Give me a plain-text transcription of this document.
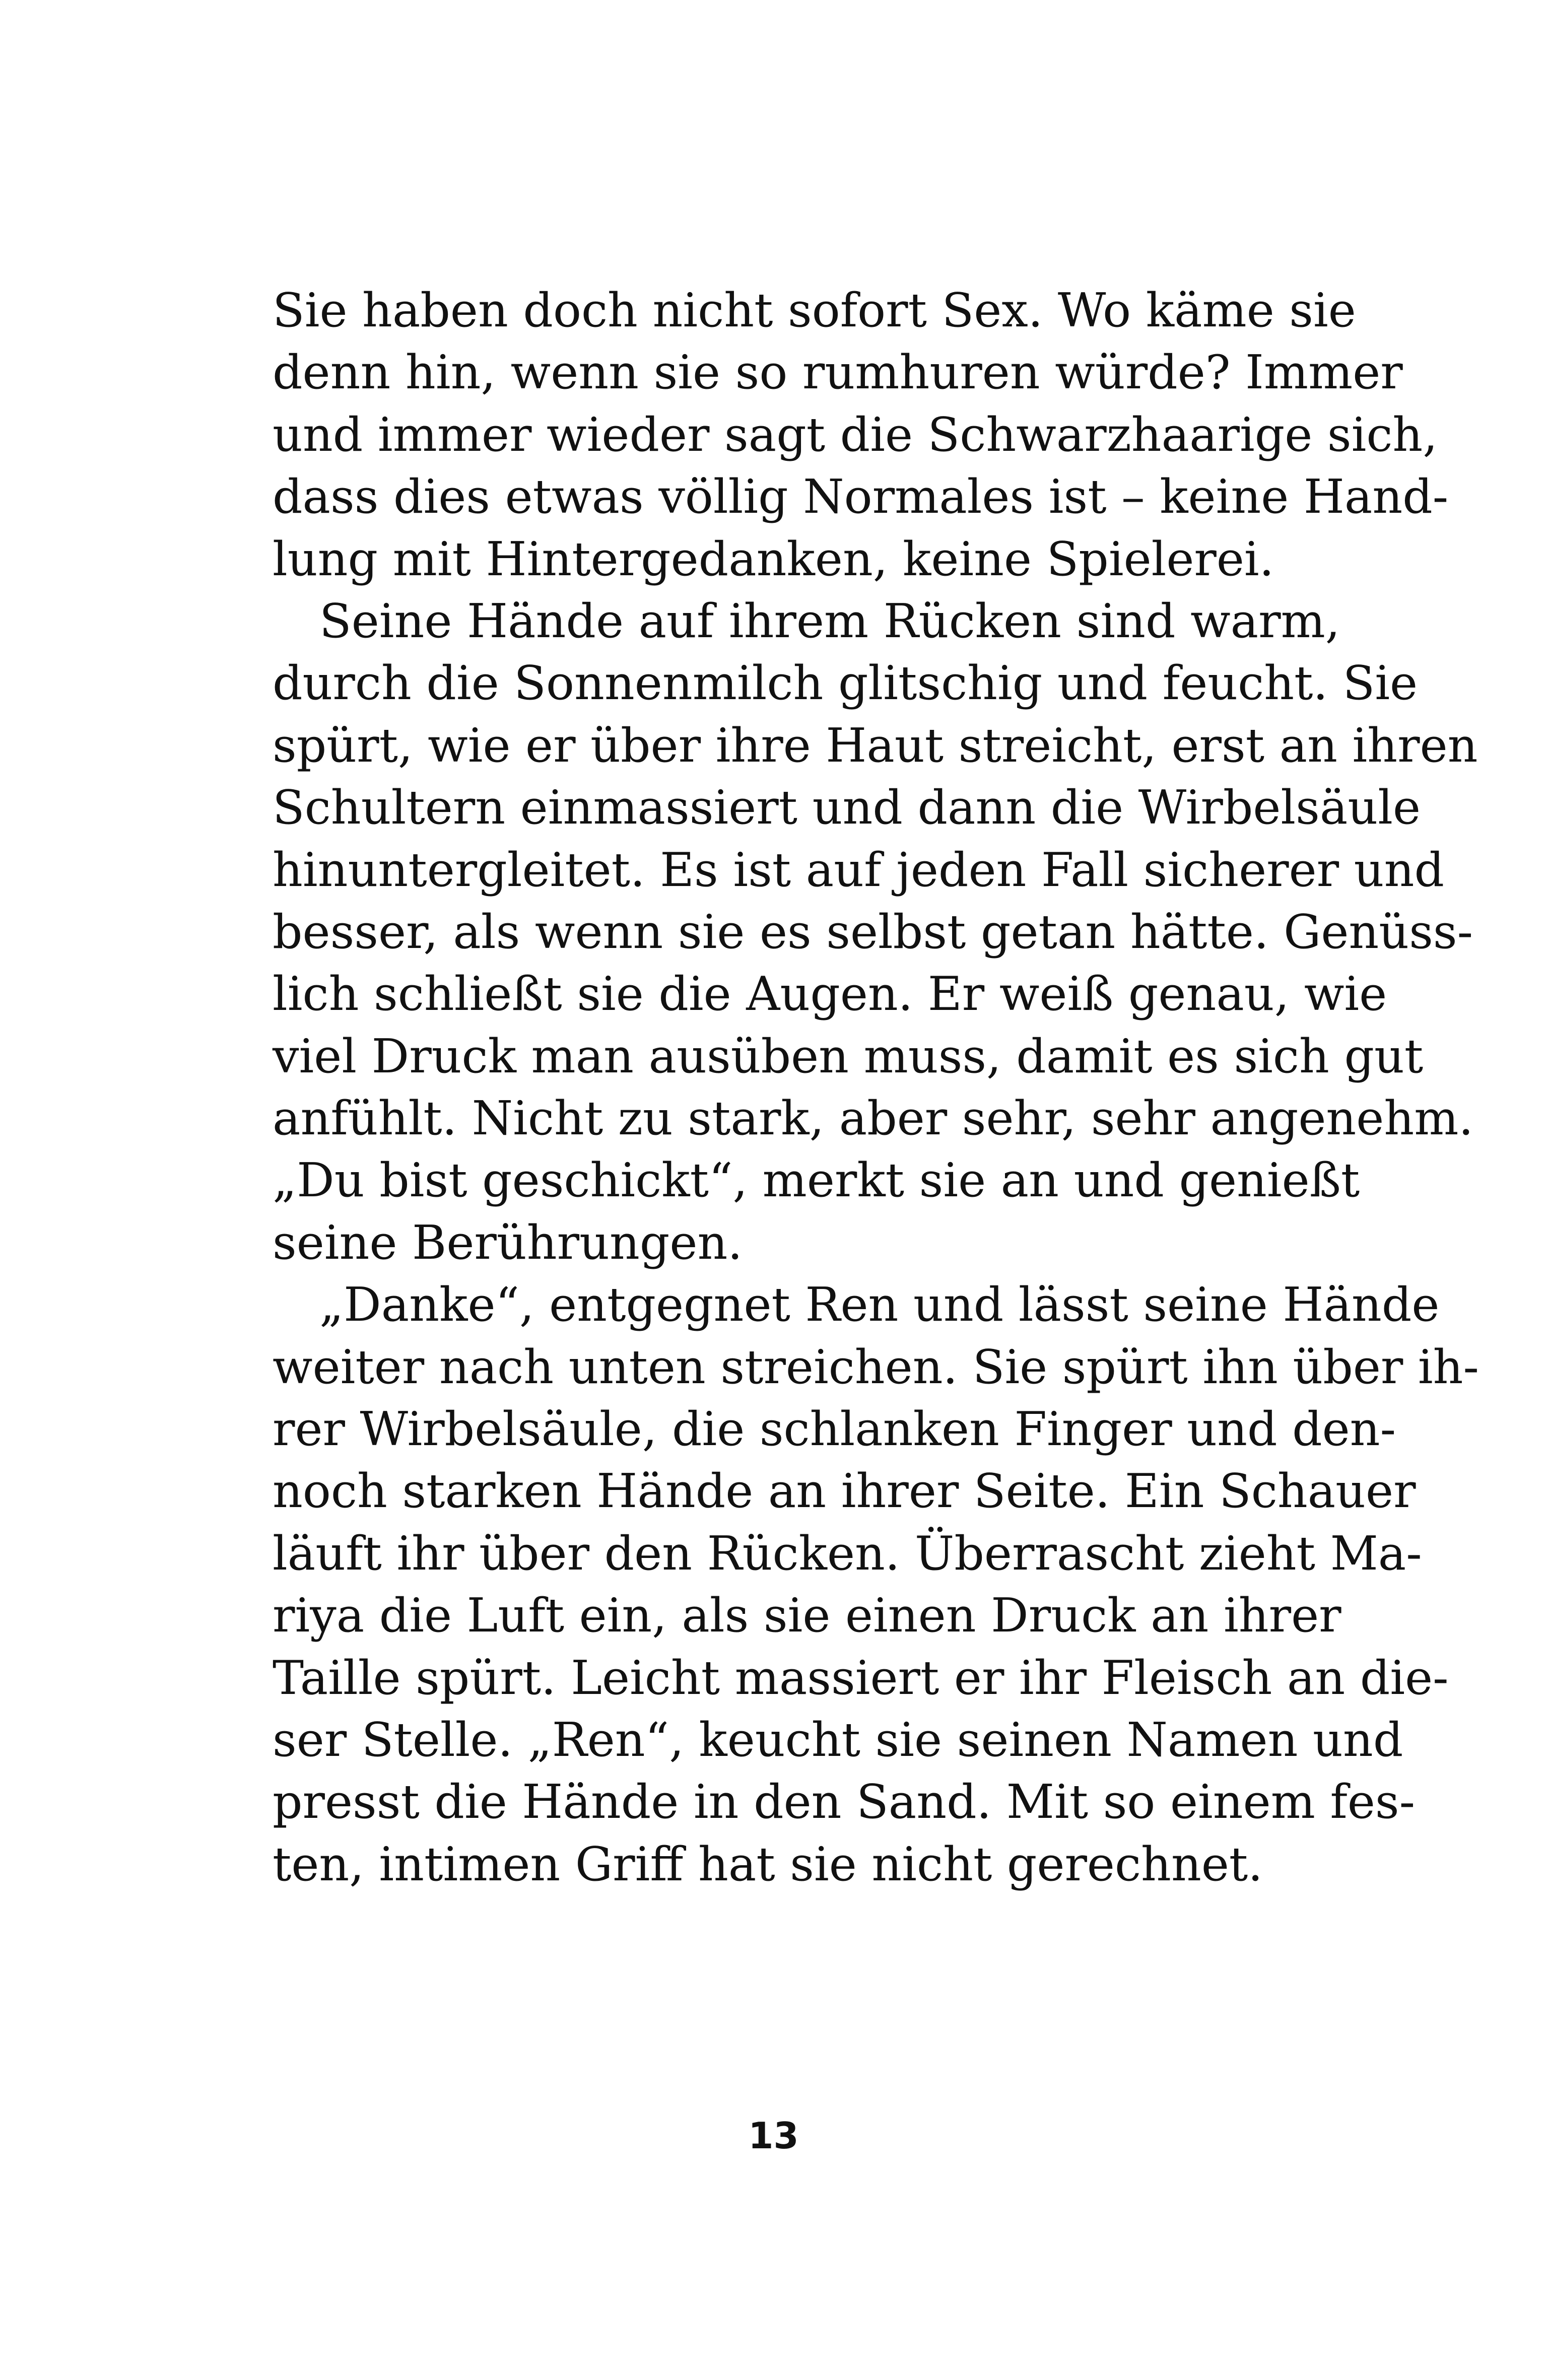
Sie haben doch nicht sofort Sex. Wo käme sie
denn hin, wenn sie so rumhuren würde? Immer
und immer wieder sagt die Schwarzhaarige sich,
dass dies etwas völlig Normales ist – keine Hand-
lung mit Hintergedanken, keine Spielerei.
Seine Hände auf ihrem Rücken sind warm,
durch die Sonnenmilch glitschig und feucht. Sie
spürt, wie er über ihre Haut streicht, erst an ihren
Schultern einmassiert und dann die Wirbelsäule
hinuntergleitet. Es ist auf jeden Fall sicherer und
besser, als wenn sie es selbst getan hätte. Genüss-
lich schließt sie die Augen. Er weiß genau, wie
viel Druck man ausüben muss, damit es sich gut
anfühlt. Nicht zu stark, aber sehr, sehr angenehm.
„Du bist geschickt“, merkt sie an und genießt
seine Berührungen.
„Danke“, entgegnet Ren und lässt seine Hände
weiter nach unten streichen. Sie spürt ihn über ih-
rer Wirbelsäule, die schlanken Finger und den-
noch starken Hände an ihrer Seite. Ein Schauer
läuft ihr über den Rücken. Überrascht zieht Ma-
riya die Luft ein, als sie einen Druck an ihrer
Taille spürt. Leicht massiert er ihr Fleisch an die-
ser Stelle. „Ren“, keucht sie seinen Namen und
presst die Hände in den Sand. Mit so einem fes-
ten, intimen Griff hat sie nicht gerechnet.
13
